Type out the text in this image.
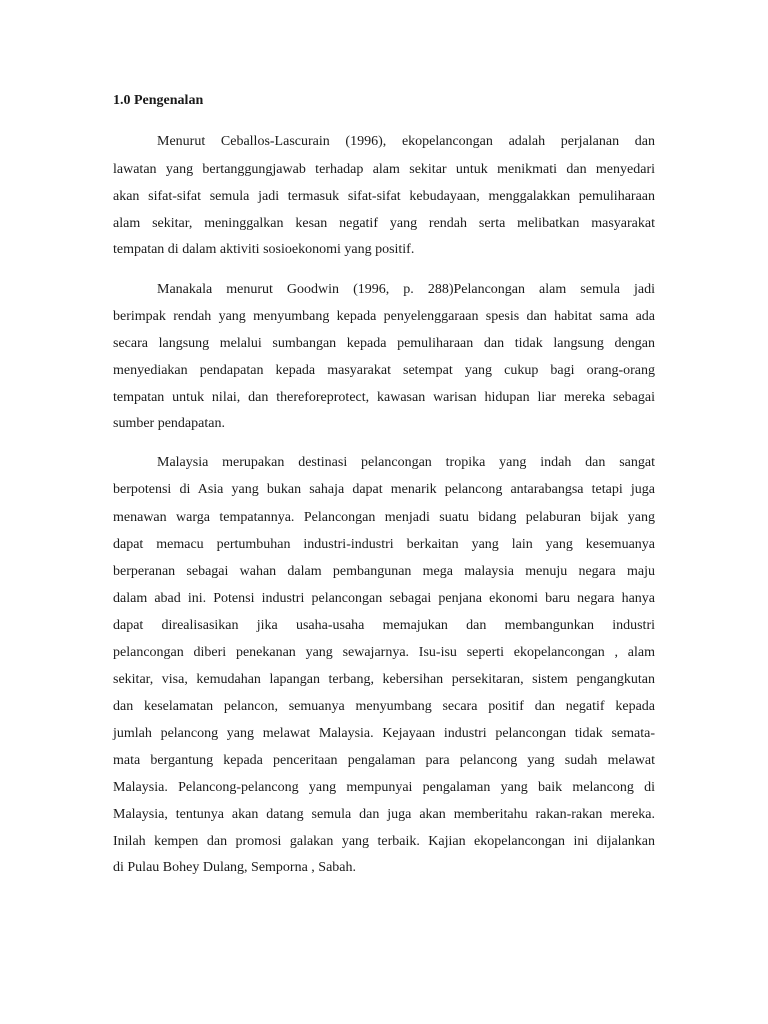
1.0 Pengenalan

Menurut Ceballos-Lascurain (1996), ekopelancongan adalah perjalanan dan

lawatan yang bertanggungjawab terhadap alam sekitar untuk menikmati dan menyedari

akan sifat-sifat semula jadi termasuk sifat-sifat kebudayaan, menggalakkan pemuliharaan

alam sekitar, meninggalkan kesan negatif yang rendah serta melibatkan masyarakat

tempatan di dalam aktiviti sosioekonomi yang positif.

Manakala menurut Goodwin (1996, p. 288)Pelancongan alam semula jadi

berimpak rendah yang menyumbang kepada penyelenggaraan spesis dan habitat sama ada

secara langsung melalui sumbangan kepada pemuliharaan dan tidak langsung dengan

menyediakan pendapatan kepada masyarakat setempat yang cukup bagi orang-orang

tempatan untuk nilai, dan thereforeprotect, kawasan warisan hidupan liar mereka sebagai

sumber pendapatan.

Malaysia merupakan destinasi pelancongan tropika yang indah dan sangat

berpotensi di Asia yang bukan sahaja dapat menarik pelancong antarabangsa tetapi juga

menawan warga tempatannya. Pelancongan menjadi suatu bidang pelaburan bijak yang

dapat memacu pertumbuhan industri-industri berkaitan yang lain yang kesemuanya

berperanan sebagai wahan dalam pembangunan mega malaysia menuju negara maju

dalam abad ini. Potensi industri pelancongan sebagai penjana ekonomi baru negara hanya

dapat direalisasikan jika usaha-usaha memajukan dan membangunkan industri

pelancongan diberi penekanan yang sewajarnya. Isu-isu seperti ekopelancongan , alam

sekitar, visa, kemudahan lapangan terbang, kebersihan persekitaran, sistem pengangkutan

dan keselamatan pelancon, semuanya menyumbang secara positif dan negatif kepada

jumlah pelancong yang melawat Malaysia. Kejayaan industri pelancongan tidak semata-

mata bergantung kepada penceritaan pengalaman para pelancong yang sudah melawat

Malaysia. Pelancong-pelancong yang mempunyai pengalaman yang baik melancong di

Malaysia, tentunya akan datang semula dan juga akan memberitahu rakan-rakan mereka.

Inilah kempen dan promosi galakan yang terbaik. Kajian ekopelancongan ini dijalankan

di Pulau Bohey Dulang, Semporna , Sabah.
